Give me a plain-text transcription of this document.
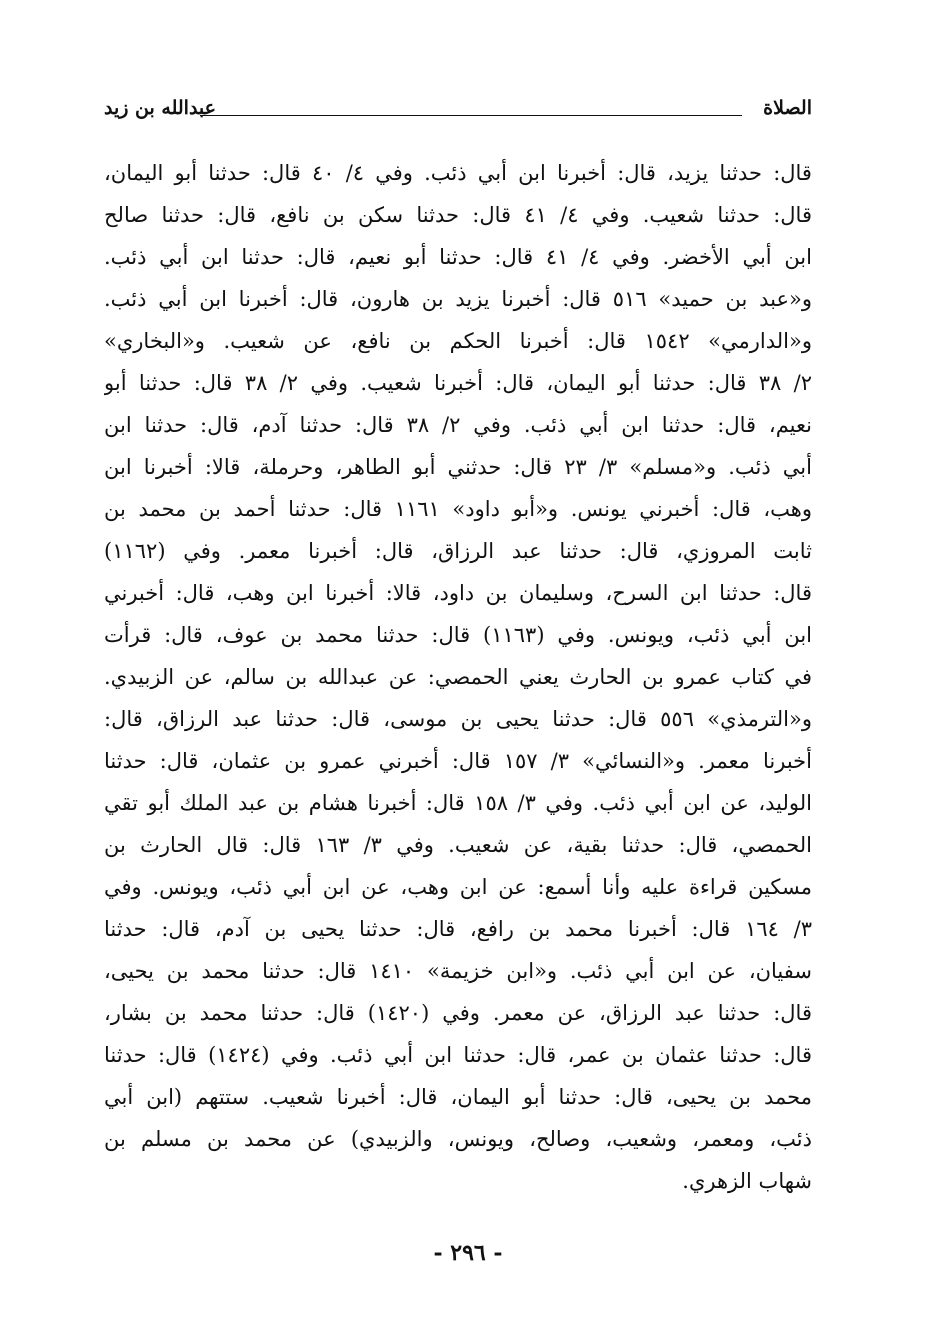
الصلاة
عبدالله بن زيد
قال: حدثنا يزيد، قال: أخبرنا ابن أبي ذئب. وفي ٤/ ٤٠ قال: حدثنا أبو اليمان،
قال: حدثنا شعيب. وفي ٤/ ٤١ قال: حدثنا سكن بن نافع، قال: حدثنا صالح
ابن أبي الأخضر. وفي ٤/ ٤١ قال: حدثنا أبو نعيم، قال: حدثنا ابن أبي ذئب.
و«عبد بن حميد» ٥١٦ قال: أخبرنا يزيد بن هارون، قال: أخبرنا ابن أبي ذئب.
و«الدارمي» ١٥٤٢ قال: أخبرنا الحكم بن نافع، عن شعيب. و«البخاري»
٢/ ٣٨ قال: حدثنا أبو اليمان، قال: أخبرنا شعيب. وفي ٢/ ٣٨ قال: حدثنا أبو
نعيم، قال: حدثنا ابن أبي ذئب. وفي ٢/ ٣٨ قال: حدثنا آدم، قال: حدثنا ابن
أبي ذئب. و«مسلم» ٣/ ٢٣ قال: حدثني أبو الطاهر، وحرملة، قالا: أخبرنا ابن
وهب، قال: أخبرني يونس. و«أبو داود» ١١٦١ قال: حدثنا أحمد بن محمد بن
ثابت المروزي، قال: حدثنا عبد الرزاق، قال: أخبرنا معمر. وفي (١١٦٢)
قال: حدثنا ابن السرح، وسليمان بن داود، قالا: أخبرنا ابن وهب، قال: أخبرني
ابن أبي ذئب، ويونس. وفي (١١٦٣) قال: حدثنا محمد بن عوف، قال: قرأت
في كتاب عمرو بن الحارث يعني الحمصي: عن عبدالله بن سالم، عن الزبيدي.
و«الترمذي» ٥٥٦ قال: حدثنا يحيى بن موسى، قال: حدثنا عبد الرزاق، قال:
أخبرنا معمر. و«النسائي» ٣/ ١٥٧ قال: أخبرني عمرو بن عثمان، قال: حدثنا
الوليد، عن ابن أبي ذئب. وفي ٣/ ١٥٨ قال: أخبرنا هشام بن عبد الملك أبو تقي
الحمصي، قال: حدثنا بقية، عن شعيب. وفي ٣/ ١٦٣ قال: قال الحارث بن
مسكين قراءة عليه وأنا أسمع: عن ابن وهب، عن ابن أبي ذئب، ويونس. وفي
٣/ ١٦٤ قال: أخبرنا محمد بن رافع، قال: حدثنا يحيى بن آدم، قال: حدثنا
سفيان، عن ابن أبي ذئب. و«ابن خزيمة» ١٤١٠ قال: حدثنا محمد بن يحيى،
قال: حدثنا عبد الرزاق، عن معمر. وفي (١٤٢٠) قال: حدثنا محمد بن بشار،
قال: حدثنا عثمان بن عمر، قال: حدثنا ابن أبي ذئب. وفي (١٤٢٤) قال: حدثنا
محمد بن يحيى، قال: حدثنا أبو اليمان، قال: أخبرنا شعيب. ستتهم (ابن أبي
ذئب، ومعمر، وشعيب، وصالح، ويونس، والزبيدي) عن محمد بن مسلم بن
شهاب الزهري.
- ٢٩٦ -
